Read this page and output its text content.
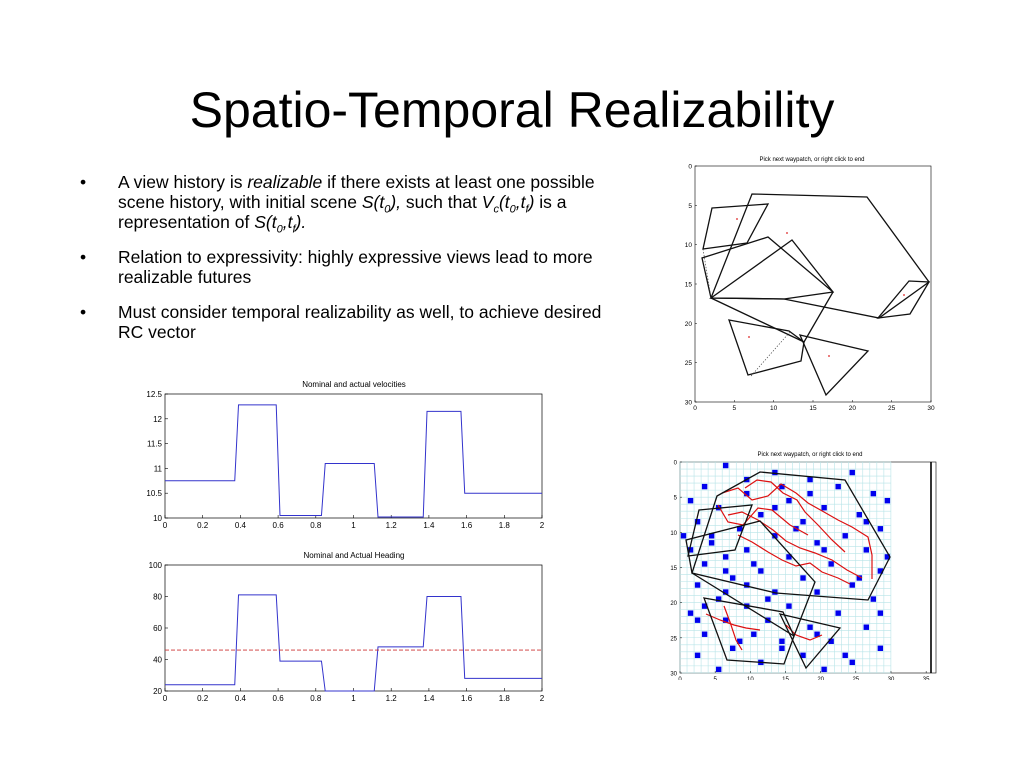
Spatio-Temporal Realizability
• A view history is realizable if there exists at least one possible scene history, with initial scene $S(t_0)$, such that $V_c(t_0,t_f)$ is a representation of $S(t_0,t_f)$.
• Relation to expressivity: highly expressive views lead to more realizable futures
• Must consider temporal realizability as well, to achieve desired RC vector
Nominal and actual velocities
0	0.2	0.4	0.6	0.8	1	1.2	1.4	1.6	1.8	2
10
10.5
11
11.5
12
12.5
Nominal and Actual Heading
0	0.2	0.4	0.6	0.8	1	1.2	1.4	1.6	1.8	2
20
40
60
80
100
Pick next waypatch, or right click to end
0	5	10	15	20	25	30
0
5
10
15
20
25
30
Pick next waypatch, or right click to end
0	5	10	15	20	25	30	35
0
5
10
15
20
25
30
